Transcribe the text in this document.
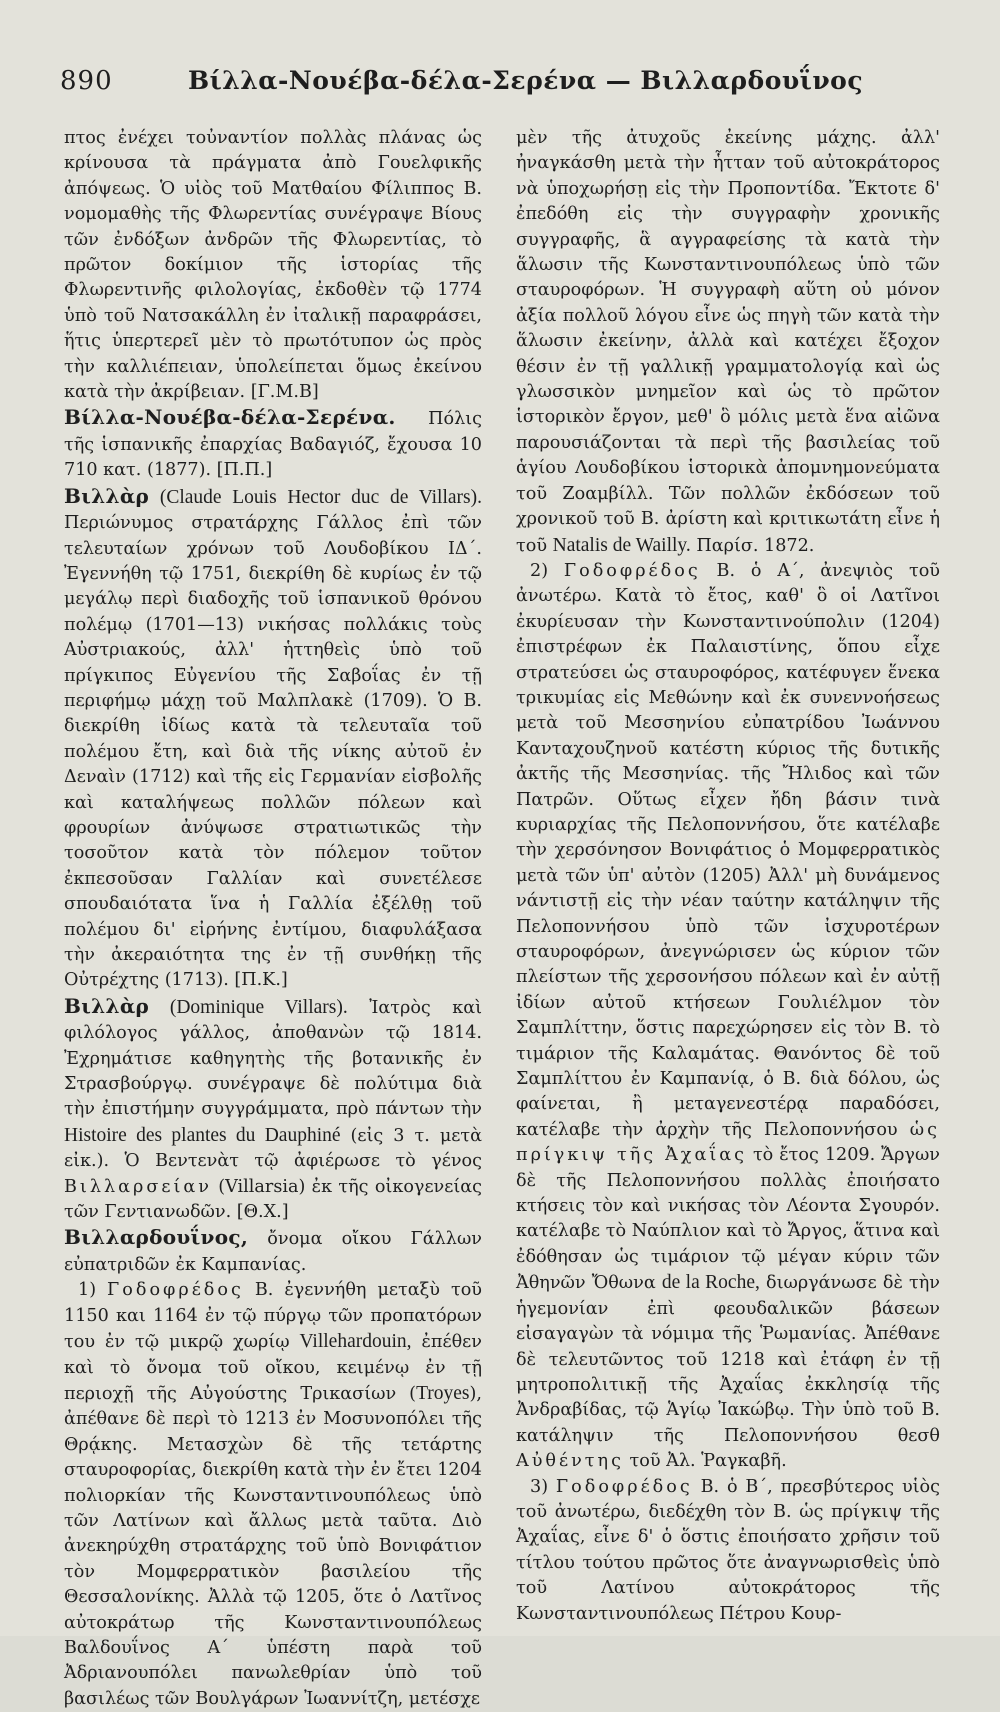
890	Βίλλα-Νουέβα-δέλα-Σερένα — Βιλλαρδουΐνος

πτος ἐνέχει τοὐναντίον πολλὰς πλάνας ὡς κρίνουσα τὰ πράγματα ἀπὸ Γουελφικῆς ἀπόψεως. Ὁ υἱὸς τοῦ Ματθαίου Φίλιππος Β. νομομαθὴς τῆς Φλωρεντίας συνέγραψε Βίους τῶν ἐνδόξων ἀνδρῶν τῆς Φλωρεντίας, τὸ πρῶτον δοκίμιον τῆς ἱστορίας τῆς Φλωρεντινῆς φιλολογίας, ἐκδοθὲν τῷ 1774 ὑπὸ τοῦ Νατσακάλλη ἐν ἰταλικῇ παραφράσει, ἥτις ὑπερτερεῖ μὲν τὸ πρωτότυπον ὡς πρὸς τὴν καλλιέπειαν, ὑπολείπεται ὅμως ἐκείνου κατὰ τὴν ἀκρίβειαν. [Γ.Μ.Β]

Βίλλα-Νουέβα-δέλα-Σερένα. Πόλις τῆς ἱσπανικῆς ἐπαρχίας Βαδαγιόζ, ἔχουσα 10 710 κατ. (1877). [Π.Π.]

Βιλλὰρ (Claude Louis Hector duc de Villars). Περιώνυμος στρατάρχης Γάλλος ἐπὶ τῶν τελευταίων χρόνων τοῦ Λουδοβίκου ΙΔ΄. Ἐγεννήθη τῷ 1751, διεκρίθη δὲ κυρίως ἐν τῷ μεγάλῳ περὶ διαδοχῆς τοῦ ἱσπανικοῦ θρόνου πολέμῳ (1701—13) νικήσας πολλάκις τοὺς Αὐστριακούς, ἀλλ' ἡττηθεὶς ὑπὸ τοῦ πρίγκιπος Εὐγενίου τῆς Σαβοΐας ἐν τῇ περιφήμῳ μάχῃ τοῦ Μαλπλακὲ (1709). Ὁ Β. διεκρίθη ἰδίως κατὰ τὰ τελευταῖα τοῦ πολέμου ἔτη, καὶ διὰ τῆς νίκης αὐτοῦ ἐν Δεναὶν (1712) καὶ τῆς εἰς Γερμανίαν εἰσβολῆς καὶ καταλήψεως πολλῶν πόλεων καὶ φρουρίων ἀνύψωσε στρατιωτικῶς τὴν τοσοῦτον κατὰ τὸν πόλεμον τοῦτον ἐκπεσοῦσαν Γαλλίαν καὶ συνετέλεσε σπουδαιότατα ἵνα ἡ Γαλλία ἐξέλθῃ τοῦ πολέμου δι' εἰρήνης ἐντίμου, διαφυλάξασα τὴν ἀκεραιότητα της ἐν τῇ συνθήκῃ τῆς Οὐτρέχτης (1713). [Π.Κ.]

Βιλλὰρ (Dominique Villars). Ἰατρὸς καὶ φιλόλογος γάλλος, ἀποθανὼν τῷ 1814. Ἐχρημάτισε καθηγητὴς τῆς βοτανικῆς ἐν Στρασβούργῳ. συνέγραψε δὲ πολύτιμα διὰ τὴν ἐπιστήμην συγγράμματα, πρὸ πάντων τὴν Histoire des plantes du Dauphiné (εἰς 3 τ. μετὰ εἰκ.). Ὁ Βεντενὰτ τῷ ἀφιέρωσε τὸ γένος Βιλλαρσείαν (Villarsia) ἐκ τῆς οἰκογενείας τῶν Γεντιανωδῶν. [Θ.Χ.]

Βιλλαρδουΐνος, ὄνομα οἴκου Γάλλων εὐπατριδῶν ἐκ Καμπανίας.

1) Γοδοφρέδος Β. ἐγεννήθη μεταξὺ τοῦ 1150 και 1164 ἐν τῷ πύργῳ τῶν προπατόρων του ἐν τῷ μικρῷ χωρίῳ Villehardouin, ἐπέθεν καὶ τὸ ὄνομα τοῦ οἴκου, κειμένῳ ἐν τῇ περιοχῇ τῆς Αὐγούστης Τρικασίων (Troyes), ἀπέθανε δὲ περὶ τὸ 1213 ἐν Μοσυνοπόλει τῆς Θρᾴκης. Μετασχὼν δὲ τῆς τετάρτης σταυροφορίας, διεκρίθη κατὰ τὴν ἐν ἔτει 1204 πολιορκίαν τῆς Κωνσταντινουπόλεως ὑπὸ τῶν Λατίνων καὶ ἄλλως μετὰ ταῦτα. Διὸ ἀνεκηρύχθη στρατάρχης τοῦ ὑπὸ Βονιφάτιον τὸν Μομφερρατικὸν βασιλείου τῆς Θεσσαλονίκης. Ἀλλὰ τῷ 1205, ὅτε ὁ Λατῖνος αὐτοκράτωρ τῆς Κωνσταντινουπόλεως Βαλδουΐνος Α΄ ὑπέστη παρὰ τοῦ Ἀδριανουπόλει πανωλεθρίαν ὑπὸ τοῦ βασιλέως τῶν Βουλγάρων Ἰωαννίτζη, μετέσχε

μὲν τῆς ἀτυχοῦς ἐκείνης μάχης. ἀλλ' ἠναγκάσθη μετὰ τὴν ἧτταν τοῦ αὐτοκράτορος νὰ ὑποχωρήσῃ εἰς τὴν Προποντίδα. Ἔκτοτε δ' ἐπεδόθη εἰς τὴν συγγραφὴν χρονικῆς συγγραφῆς, ἃ αγγραφείσης τὰ κατὰ τὴν ἅλωσιν τῆς Κωνσταντινουπόλεως ὑπὸ τῶν σταυροφόρων. Ἡ συγγραφὴ αὕτη οὐ μόνον ἀξία πολλοῦ λόγου εἶνε ὡς πηγὴ τῶν κατὰ τὴν ἅλωσιν ἐκείνην, ἀλλὰ καὶ κατέχει ἔξοχον θέσιν ἐν τῇ γαλλικῇ γραμματολογίᾳ καὶ ὡς γλωσσικὸν μνημεῖον καὶ ὡς τὸ πρῶτον ἱστορικὸν ἔργον, μεθ' ὃ μόλις μετὰ ἕνα αἰῶνα παρουσιάζονται τὰ περὶ τῆς βασιλείας τοῦ ἁγίου Λουδοβίκου ἱστορικὰ ἀπομνημονεύματα τοῦ Ζοαμβίλλ. Τῶν πολλῶν ἐκδόσεων τοῦ χρονικοῦ τοῦ Β. ἀρίστη καὶ κριτικωτάτη εἶνε ἡ τοῦ Natalis de Wailly. Παρίσ. 1872.

2) Γοδοφρέδος Β. ὁ Α΄, ἀνεψιὸς τοῦ ἀνωτέρω. Κατὰ τὸ ἔτος, καθ' ὃ οἱ Λατῖνοι ἐκυρίευσαν τὴν Κωνσταντινούπολιν (1204) ἐπιστρέφων ἐκ Παλαιστίνης, ὅπου εἶχε στρατεύσει ὡς σταυροφόρος, κατέφυγεν ἕνεκα τρικυμίας εἰς Μεθώνην καὶ ἐκ συνεννοήσεως μετὰ τοῦ Μεσσηνίου εὐπατρίδου Ἰωάννου Κανταχουζηνοῦ κατέστη κύριος τῆς δυτικῆς ἀκτῆς τῆς Μεσσηνίας. τῆς Ἤλιδος καὶ τῶν Πατρῶν. Οὕτως εἶχεν ἤδη βάσιν τινὰ κυριαρχίας τῆς Πελοποννήσου, ὅτε κατέλαβε τὴν χερσόνησον Βονιφάτιος ὁ Μομφερρατικὸς μετὰ τῶν ὑπ' αὐτὸν (1205) Ἀλλ' μὴ δυνάμενος νάντιστῇ εἰς τὴν νέαν ταύτην κατάληψιν τῆς Πελοποννήσου ὑπὸ τῶν ἰσχυροτέρων σταυροφόρων, ἀνεγνώρισεν ὡς κύριον τῶν πλείστων τῆς χερσονήσου πόλεων καὶ ἐν αὐτῇ ἰδίων αὐτοῦ κτήσεων Γουλιέλμον τὸν Σαμπλίττην, ὅστις παρεχώρησεν εἰς τὸν Β. τὸ τιμάριον τῆς Καλαμάτας. Θανόντος δὲ τοῦ Σαμπλίττου ἐν Καμπανίᾳ, ὁ Β. διὰ δόλου, ὡς φαίνεται, ἢ μεταγενεστέρᾳ παραδόσει, κατέλαβε τὴν ἀρχὴν τῆς Πελοποννήσου ὡς πρίγκιψ τῆς Ἀχαΐας τὸ ἔτος 1209. Ἄργων δὲ τῆς Πελοποννήσου πολλὰς ἐποιήσατο κτήσεις τὸν καὶ νικήσας τὸν Λέοντα Σγουρόν. κατέλαβε τὸ Ναύπλιον καὶ τὸ Ἄργος, ἅτινα καὶ ἐδόθησαν ὡς τιμάριον τῷ μέγαν κύριν τῶν Ἀθηνῶν Ὄθωνα de la Roche, διωργάνωσε δὲ τὴν ἡγεμονίαν ἐπὶ φεουδαλικῶν βάσεων εἰσαγαγὼν τὰ νόμιμα τῆς Ῥωμανίας. Ἀπέθανε δὲ τελευτῶντος τοῦ 1218 καὶ ἐτάφη ἐν τῇ μητροπολιτικῇ τῆς Ἀχαΐας ἐκκλησίᾳ τῆς Ἀνδραβίδας, τῷ Ἁγίῳ Ἰακώβῳ. Τὴν ὑπὸ τοῦ Β. κατάληψιν τῆς Πελοποννήσου θεσθ Αὐθέντης τοῦ Ἀλ. Ῥαγκαβῆ.

3) Γοδοφρέδος Β. ὁ Β΄, πρεσβύτερος υἱὸς τοῦ ἀνωτέρω, διεδέχθη τὸν Β. ὡς πρίγκιψ τῆς Ἀχαΐας, εἶνε δ' ὁ ὅστις ἐποιήσατο χρῆσιν τοῦ τίτλου τούτου πρῶτος ὅτε ἀναγνωρισθεὶς ὑπὸ τοῦ Λατίνου αὐτοκράτορος τῆς Κωνσταντινουπόλεως Πέτρου Κουρ-
